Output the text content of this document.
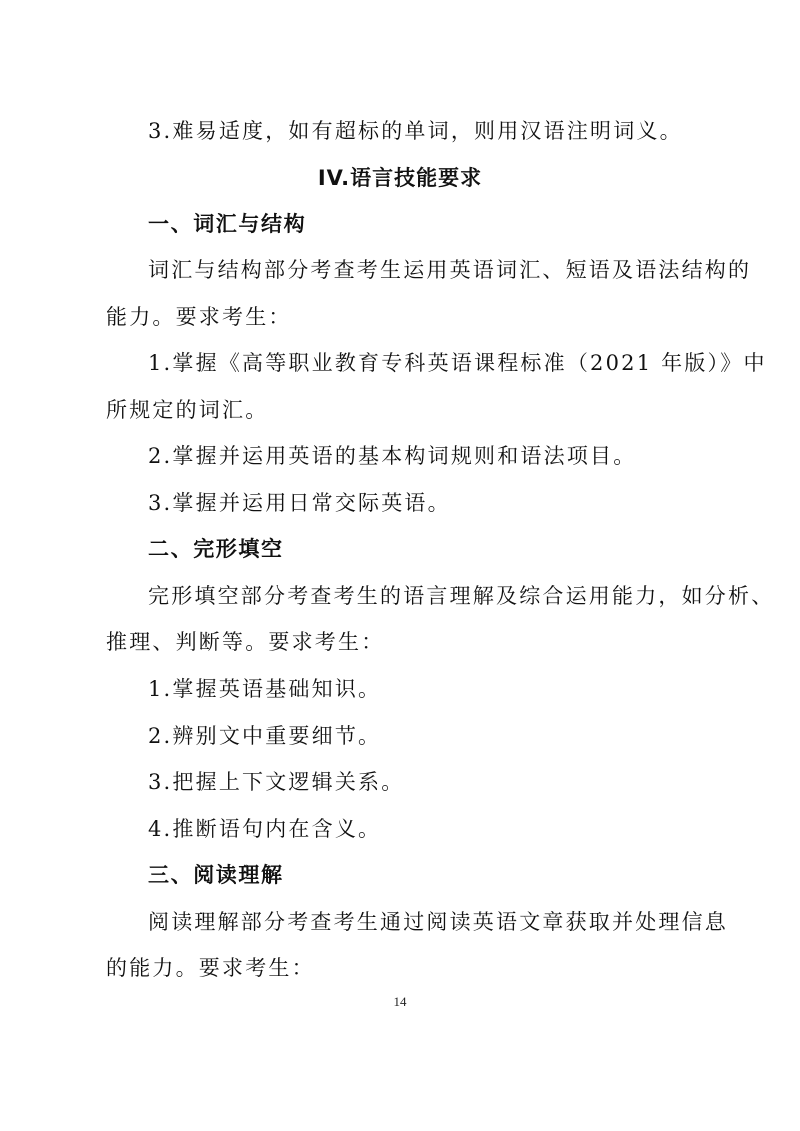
3.难易适度，如有超标的单词，则用汉语注明词义。
IV.语言技能要求
一、词汇与结构
词汇与结构部分考查考生运用英语词汇、短语及语法结构的
能力。要求考生：
1.掌握《高等职业教育专科英语课程标准（2021 年版）》中
所规定的词汇。
2.掌握并运用英语的基本构词规则和语法项目。
3.掌握并运用日常交际英语。
二、完形填空
完形填空部分考查考生的语言理解及综合运用能力，如分析、
推理、判断等。要求考生：
1.掌握英语基础知识。
2.辨别文中重要细节。
3.把握上下文逻辑关系。
4.推断语句内在含义。
三、阅读理解
阅读理解部分考查考生通过阅读英语文章获取并处理信息
的能力。要求考生：
14
